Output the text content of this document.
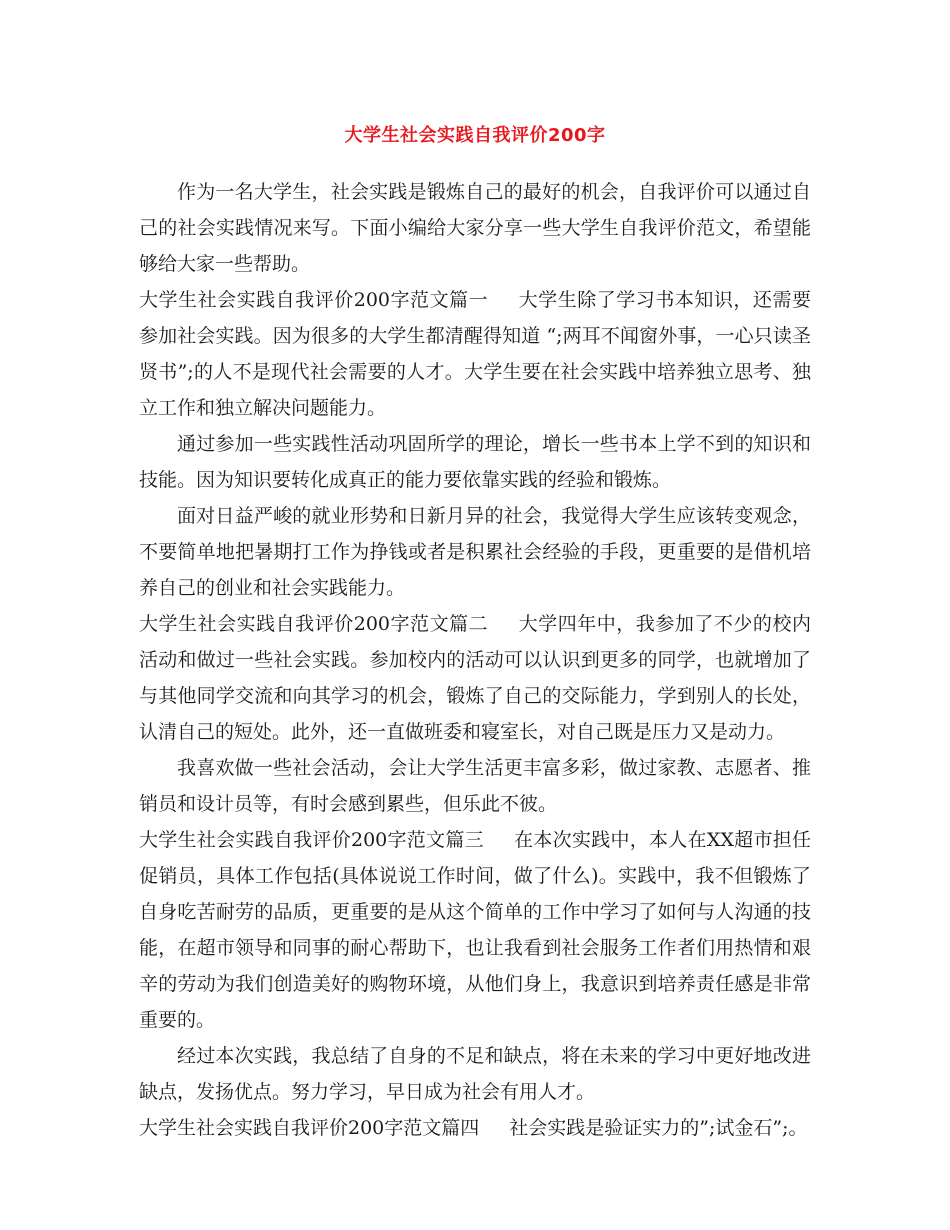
大学生社会实践自我评价200字

作为一名大学生，社会实践是锻炼自己的最好的机会，自我评价可以通过自己的社会实践情况来写。下面小编给大家分享一些大学生自我评价范文，希望能够给大家一些帮助。

大学生社会实践自我评价200字范文篇一 大学生除了学习书本知识，还需要参加社会实践。因为很多的大学生都清醒得知道 “;两耳不闻窗外事，一心只读圣贤书”;的人不是现代社会需要的人才。大学生要在社会实践中培养独立思考、独立工作和独立解决问题能力。

通过参加一些实践性活动巩固所学的理论，增长一些书本上学不到的知识和技能。因为知识要转化成真正的能力要依靠实践的经验和锻炼。

面对日益严峻的就业形势和日新月异的社会，我觉得大学生应该转变观念，不要简单地把暑期打工作为挣钱或者是积累社会经验的手段，更重要的是借机培养自己的创业和社会实践能力。

大学生社会实践自我评价200字范文篇二 大学四年中，我参加了不少的校内活动和做过一些社会实践。参加校内的活动可以认识到更多的同学，也就增加了与其他同学交流和向其学习的机会，锻炼了自己的交际能力，学到别人的长处，认清自己的短处。此外，还一直做班委和寝室长，对自己既是压力又是动力。

我喜欢做一些社会活动，会让大学生活更丰富多彩，做过家教、志愿者、推销员和设计员等，有时会感到累些，但乐此不彼。

大学生社会实践自我评价200字范文篇三 在本次实践中，本人在XX超市担任促销员，具体工作包括(具体说说工作时间，做了什么)。实践中，我不但锻炼了自身吃苦耐劳的品质，更重要的是从这个简单的工作中学习了如何与人沟通的技能，在超市领导和同事的耐心帮助下，也让我看到社会服务工作者们用热情和艰辛的劳动为我们创造美好的购物环境，从他们身上，我意识到培养责任感是非常重要的。

经过本次实践，我总结了自身的不足和缺点，将在未来的学习中更好地改进缺点，发扬优点。努力学习，早日成为社会有用人才。

大学生社会实践自我评价200字范文篇四 社会实践是验证实力的”;试金石”;。
